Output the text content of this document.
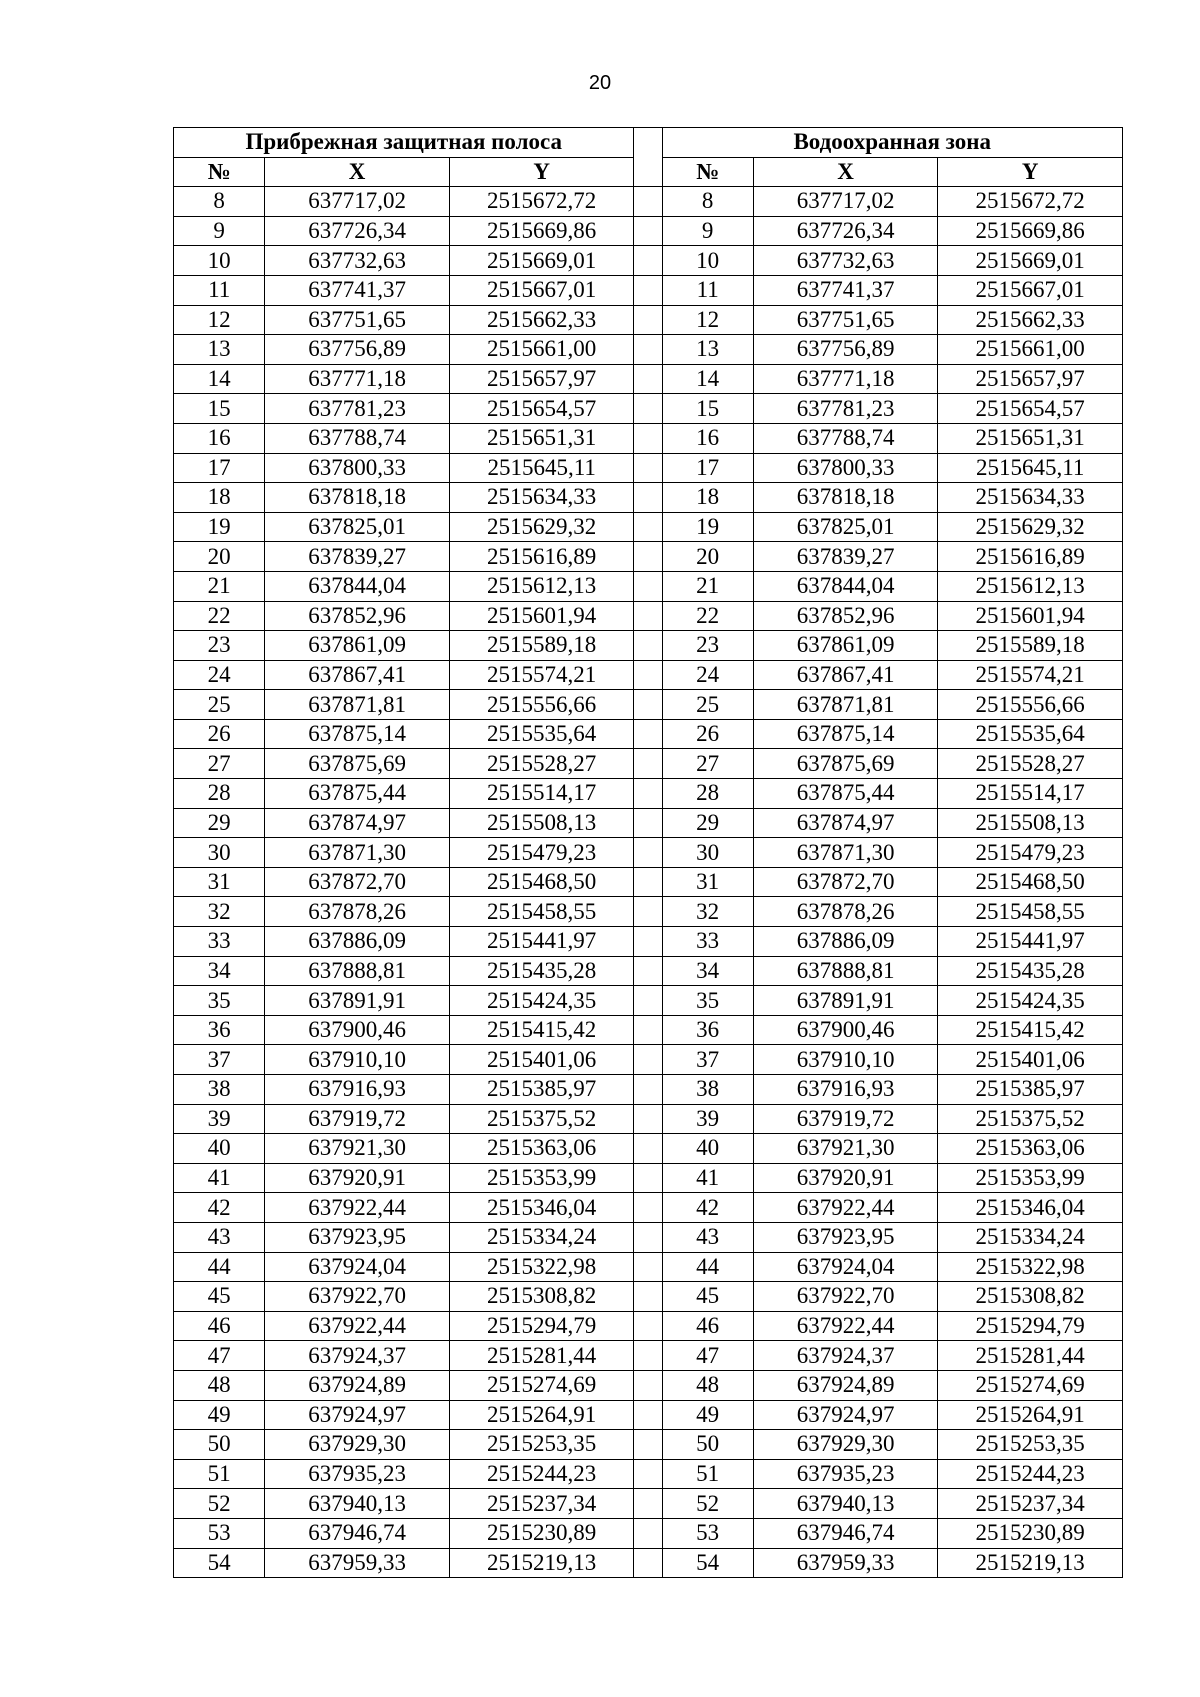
20
Прибрежная защитная полоса				Водоохранная зона		
№	X	Y		№	X	Y
8	637717,02	2515672,72		8	637717,02	2515672,72
9	637726,34	2515669,86		9	637726,34	2515669,86
10	637732,63	2515669,01		10	637732,63	2515669,01
11	637741,37	2515667,01		11	637741,37	2515667,01
12	637751,65	2515662,33		12	637751,65	2515662,33
13	637756,89	2515661,00		13	637756,89	2515661,00
14	637771,18	2515657,97		14	637771,18	2515657,97
15	637781,23	2515654,57		15	637781,23	2515654,57
16	637788,74	2515651,31		16	637788,74	2515651,31
17	637800,33	2515645,11		17	637800,33	2515645,11
18	637818,18	2515634,33		18	637818,18	2515634,33
19	637825,01	2515629,32		19	637825,01	2515629,32
20	637839,27	2515616,89		20	637839,27	2515616,89
21	637844,04	2515612,13		21	637844,04	2515612,13
22	637852,96	2515601,94		22	637852,96	2515601,94
23	637861,09	2515589,18		23	637861,09	2515589,18
24	637867,41	2515574,21		24	637867,41	2515574,21
25	637871,81	2515556,66		25	637871,81	2515556,66
26	637875,14	2515535,64		26	637875,14	2515535,64
27	637875,69	2515528,27		27	637875,69	2515528,27
28	637875,44	2515514,17		28	637875,44	2515514,17
29	637874,97	2515508,13		29	637874,97	2515508,13
30	637871,30	2515479,23		30	637871,30	2515479,23
31	637872,70	2515468,50		31	637872,70	2515468,50
32	637878,26	2515458,55		32	637878,26	2515458,55
33	637886,09	2515441,97		33	637886,09	2515441,97
34	637888,81	2515435,28		34	637888,81	2515435,28
35	637891,91	2515424,35		35	637891,91	2515424,35
36	637900,46	2515415,42		36	637900,46	2515415,42
37	637910,10	2515401,06		37	637910,10	2515401,06
38	637916,93	2515385,97		38	637916,93	2515385,97
39	637919,72	2515375,52		39	637919,72	2515375,52
40	637921,30	2515363,06		40	637921,30	2515363,06
41	637920,91	2515353,99		41	637920,91	2515353,99
42	637922,44	2515346,04		42	637922,44	2515346,04
43	637923,95	2515334,24		43	637923,95	2515334,24
44	637924,04	2515322,98		44	637924,04	2515322,98
45	637922,70	2515308,82		45	637922,70	2515308,82
46	637922,44	2515294,79		46	637922,44	2515294,79
47	637924,37	2515281,44		47	637924,37	2515281,44
48	637924,89	2515274,69		48	637924,89	2515274,69
49	637924,97	2515264,91		49	637924,97	2515264,91
50	637929,30	2515253,35		50	637929,30	2515253,35
51	637935,23	2515244,23		51	637935,23	2515244,23
52	637940,13	2515237,34		52	637940,13	2515237,34
53	637946,74	2515230,89		53	637946,74	2515230,89
54	637959,33	2515219,13		54	637959,33	2515219,13
